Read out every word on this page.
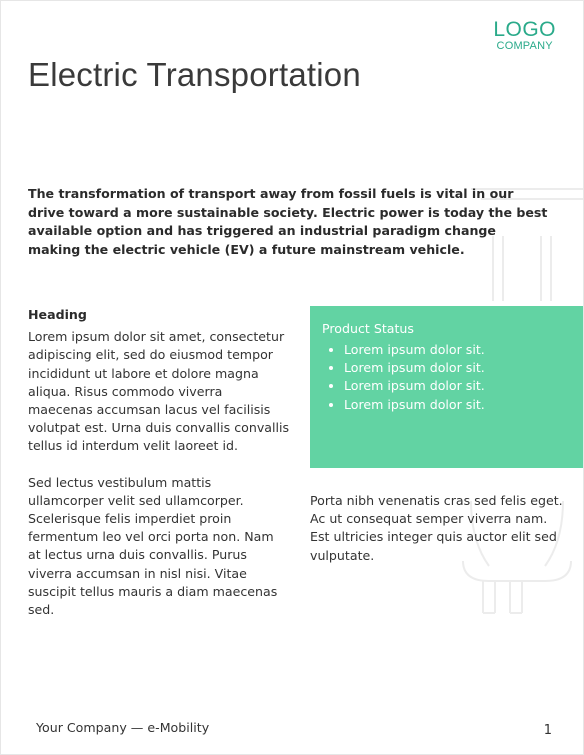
LOGO
COMPANY
Electric Transportation

The transformation of transport away from fossil fuels is vital in our drive toward a more sustainable society. Electric power is today the best available option and has triggered an industrial paradigm change making the electric vehicle (EV) a future mainstream vehicle.

Heading

Lorem ipsum dolor sit amet, consectetur adipiscing elit, sed do eiusmod tempor incididunt ut labore et dolore magna aliqua. Risus commodo viverra maecenas accumsan lacus vel facilisis volutpat est. Urna duis convallis convallis tellus id interdum velit laoreet id.

Sed lectus vestibulum mattis ullamcorper velit sed ullamcorper. Scelerisque felis imperdiet proin fermentum leo vel orci porta non. Nam at lectus urna duis convallis. Purus viverra accumsan in nisl nisi. Vitae suscipit tellus mauris a diam maecenas sed.

Product Status
• Lorem ipsum dolor sit.
• Lorem ipsum dolor sit.
• Lorem ipsum dolor sit.
• Lorem ipsum dolor sit.

Porta nibh venenatis cras sed felis eget. Ac ut consequat semper viverra nam. Est ultricies integer quis auctor elit sed vulputate.

Your Company — e-Mobility	1
